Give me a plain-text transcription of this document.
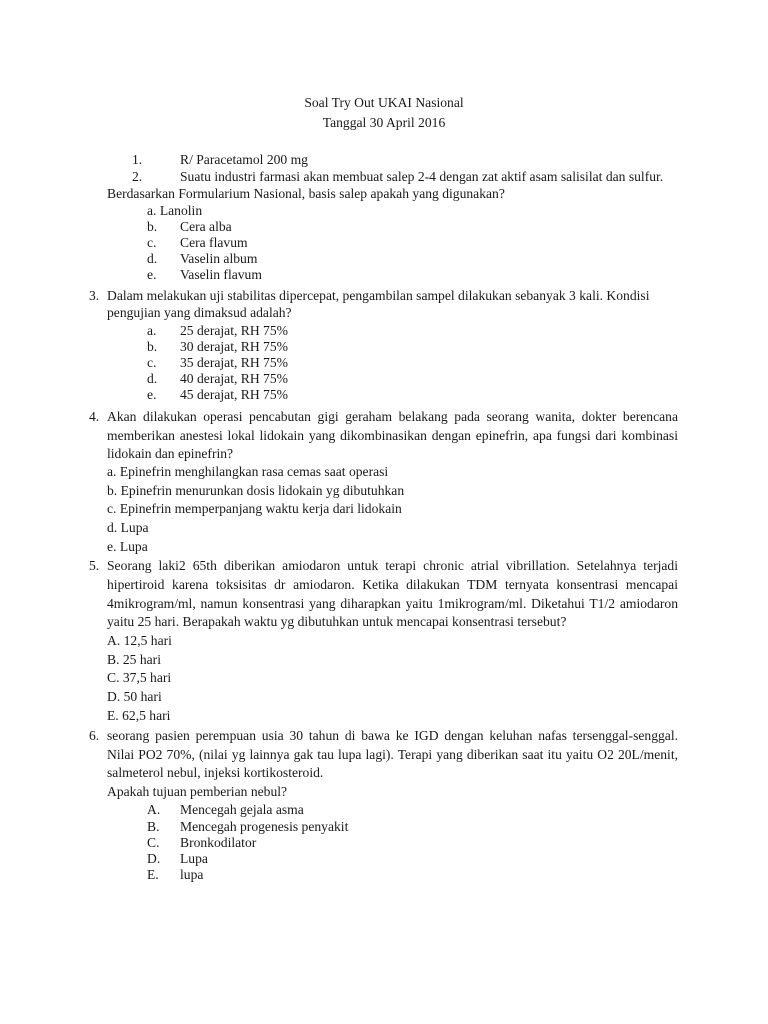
Soal Try Out UKAI Nasional
Tanggal 30 April 2016
1.	R/ Paracetamol 200 mg
2.	Suatu industri farmasi akan membuat salep 2-4 dengan zat aktif asam salisilat dan sulfur.
Berdasarkan Formularium Nasional, basis salep apakah yang digunakan?
a. Lanolin
b. Cera alba
c. Cera flavum
d. Vaselin album
e. Vaselin flavum
3. Dalam melakukan uji stabilitas dipercepat, pengambilan sampel dilakukan sebanyak 3 kali. Kondisi
pengujian yang dimaksud adalah?
a. 25 derajat, RH 75%
b. 30 derajat, RH 75%
c. 35 derajat, RH 75%
d. 40 derajat, RH 75%
e. 45 derajat, RH 75%
4. Akan dilakukan operasi pencabutan gigi geraham belakang pada seorang wanita, dokter berencana
memberikan anestesi lokal lidokain yang dikombinasikan dengan epinefrin, apa fungsi dari kombinasi
lidokain dan epinefrin?
a. Epinefrin menghilangkan rasa cemas saat operasi
b. Epinefrin menurunkan dosis lidokain yg dibutuhkan
c. Epinefrin memperpanjang waktu kerja dari lidokain
d. Lupa
e. Lupa
5. Seorang laki2 65th diberikan amiodaron untuk terapi chronic atrial vibrillation. Setelahnya terjadi
hipertiroid karena toksisitas dr amiodaron. Ketika dilakukan TDM ternyata konsentrasi mencapai
4mikrogram/ml, namun konsentrasi yang diharapkan yaitu 1mikrogram/ml. Diketahui T1/2 amiodaron
yaitu 25 hari. Berapakah waktu yg dibutuhkan untuk mencapai konsentrasi tersebut?
A. 12,5 hari
B. 25 hari
C. 37,5 hari
D. 50 hari
E. 62,5 hari
6. seorang pasien perempuan usia 30 tahun di bawa ke IGD dengan keluhan nafas tersenggal-senggal.
Nilai PO2 70%, (nilai yg lainnya gak tau lupa lagi). Terapi yang diberikan saat itu yaitu O2 20L/menit,
salmeterol nebul, injeksi kortikosteroid.
Apakah tujuan pemberian nebul?
A. Mencegah gejala asma
B. Mencegah progenesis penyakit
C. Bronkodilator
D. Lupa
E. lupa
